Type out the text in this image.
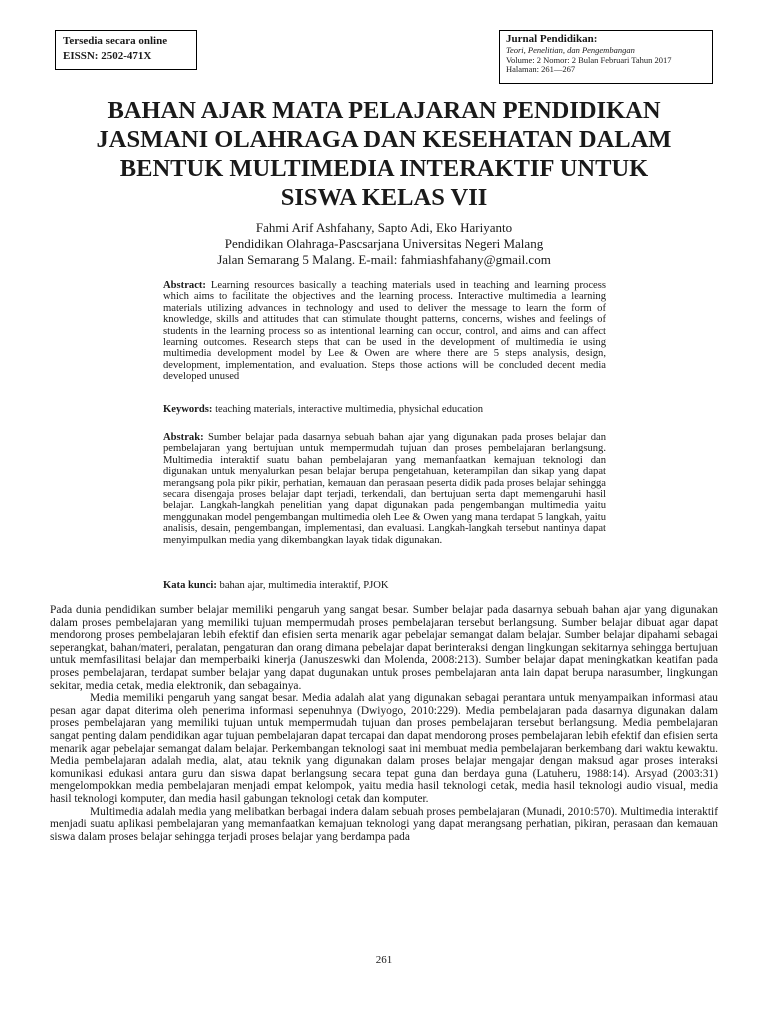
Tersedia secara online
EISSN: 2502-471X
Jurnal Pendidikan:
Teori, Penelitian, dan Pengembangan
Volume: 2 Nomor: 2 Bulan Februari Tahun 2017
Halaman: 261—267
BAHAN AJAR MATA PELAJARAN PENDIDIKAN
JASMANI OLAHRAGA DAN KESEHATAN DALAM
BENTUK MULTIMEDIA INTERAKTIF UNTUK
SISWA KELAS VII
Fahmi Arif Ashfahany, Sapto Adi, Eko Hariyanto
Pendidikan Olahraga-Pascsarjana Universitas Negeri Malang
Jalan Semarang 5 Malang. E-mail: fahmiashfahany@gmail.com

Abstract: Learning resources basically a teaching materials used in teaching and learning process which aims to facilitate the objectives and the learning process. Interactive multimedia a learning materials utilizing advances in technology and used to deliver the message to learn the form of knowledge, skills and attitudes that can stimulate thought patterns, concerns, wishes and feelings of students in the learning process so as intentional learning can occur, control, and aims and can affect learning outcomes. Research steps that can be used in the development of multimedia ie using multimedia development model by Lee & Owen are where there are 5 steps analysis, design, development, implementation, and evaluation. Steps those actions will be concluded decent media developed unused

Keywords: teaching materials, interactive multimedia, physichal education

Abstrak: Sumber belajar pada dasarnya sebuah bahan ajar yang digunakan pada proses belajar dan pembelajaran yang bertujuan untuk mempermudah tujuan dan proses pembelajaran berlangsung. Multimedia interaktif suatu bahan pembelajaran yang memanfaatkan kemajuan teknologi dan digunakan untuk menyalurkan pesan belajar berupa pengetahuan, keterampilan dan sikap yang dapat merangsang pola pikr pikir, perhatian, kemauan dan perasaan peserta didik pada proses belajar sehingga secara disengaja proses belajar dapt terjadi, terkendali, dan bertujuan serta dapt memengaruhi hasil belajar. Langkah-langkah penelitian yang dapat digunakan pada pengembangan multimedia yaitu menggunakan model pengembangan multimedia oleh Lee & Owen yang mana terdapat 5 langkah, yaitu analisis, desain, pengembangan, implementasi, dan evaluasi. Langkah-langkah tersebut nantinya dapat menyimpulkan media yang dikembangkan layak tidak digunakan.

Kata kunci: bahan ajar, multimedia interaktif, PJOK

Pada dunia pendidikan sumber belajar memiliki pengaruh yang sangat besar. Sumber belajar pada dasarnya sebuah bahan ajar yang digunakan dalam proses pembelajaran yang memiliki tujuan mempermudah proses pembelajaran tersebut berlangsung. Sumber belajar dibuat agar dapat mendorong proses pembelajaran lebih efektif dan efisien serta menarik agar pebelajar semangat dalam belajar. Sumber belajar dipahami sebagai seperangkat, bahan/materi, peralatan, pengaturan dan orang dimana pebelajar dapat berinteraksi dengan lingkungan sekitarnya sehingga bertujuan untuk memfasilitasi belajar dan memperbaiki kinerja (Januszeswki dan Molenda, 2008:213). Sumber belajar dapat meningkatkan keatifan pada proses pembelajaran, terdapat sumber belajar yang dapat dugunakan untuk proses pembelajaran anta lain dapat berupa narasumber, lingkungan sekitar, media cetak, media elektronik, dan sebagainya.

Media memiliki pengaruh yang sangat besar. Media adalah alat yang digunakan sebagai perantara untuk menyampaikan informasi atau pesan agar dapat diterima oleh penerima informasi sepenuhnya (Dwiyogo, 2010:229). Media pembelajaran pada dasarnya digunakan dalam proses pembelajaran yang memiliki tujuan untuk mempermudah tujuan dan proses pembelajaran tersebut berlangsung. Media pembelajaran sangat penting dalam pendidikan agar tujuan pembelajaran dapat tercapai dan dapat mendorong proses pembelajaran lebih efektif dan efisien serta menarik agar pebelajar semangat dalam belajar. Perkembangan teknologi saat ini membuat media pembelajaran berkembang dari waktu kewaktu. Media pembelajaran adalah media, alat, atau teknik yang digunakan dalam proses belajar mengajar dengan maksud agar proses interaksi komunikasi edukasi antara guru dan siswa dapat berlangsung secara tepat guna dan berdaya guna (Latuheru, 1988:14). Arsyad (2003:31) mengelompokkan media pembelajaran menjadi empat kelompok, yaitu media hasil teknologi cetak, media hasil teknologi audio visual, media hasil teknologi komputer, dan media hasil gabungan teknologi cetak dan komputer.

Multimedia adalah media yang melibatkan berbagai indera dalam sebuah proses pembelajaran (Munadi, 2010:570). Multimedia interaktif menjadi suatu aplikasi pembelajaran yang memanfaatkan kemajuan teknologi yang dapat merangsang perhatian, pikiran, perasaan dan kemauan siswa dalam proses belajar sehingga terjadi proses belajar yang berdampa pada

261
